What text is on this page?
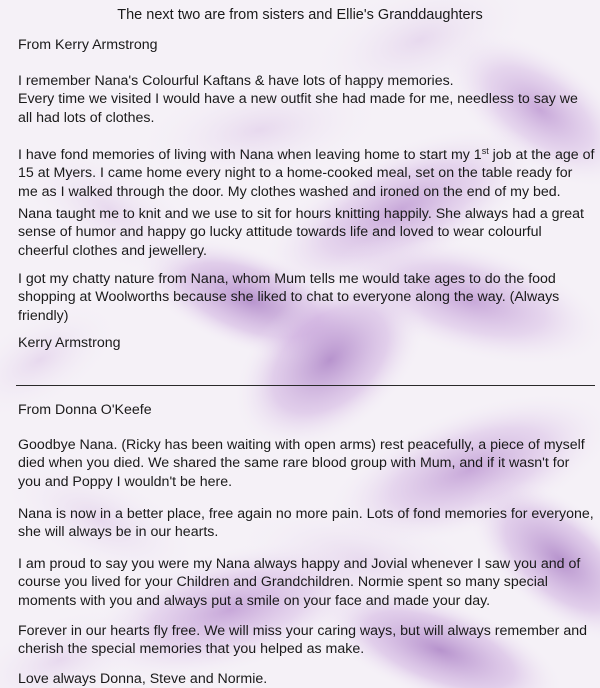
The next two are from sisters and Ellie's Granddaughters

From Kerry Armstrong

I remember Nana's Colourful Kaftans & have lots of happy memories.

Every time we visited I would have a new outfit she had made for me, needless to say we all had lots of clothes.

I have fond memories of living with Nana when leaving home to start my 1st job at the age of 15 at Myers. I came home every night to a home-cooked meal, set on the table ready for me as I walked through the door. My clothes washed and ironed on the end of my bed.

Nana taught me to knit and we use to sit for hours knitting happily. She always had a great sense of humor and happy go lucky attitude towards life and loved to wear colourful cheerful clothes and jewellery.

I got my chatty nature from Nana, whom Mum tells me would take ages to do the food shopping at Woolworths because she liked to chat to everyone along the way. (Always friendly)

Kerry Armstrong

From Donna O'Keefe

Goodbye Nana. (Ricky has been waiting with open arms) rest peacefully, a piece of myself died when you died. We shared the same rare blood group with Mum, and if it wasn't for you and Poppy I wouldn't be here.

Nana is now in a better place, free again no more pain. Lots of fond memories for everyone, she will always be in our hearts.

I am proud to say you were my Nana always happy and Jovial whenever I saw you and of course you lived for your Children and Grandchildren. Normie spent so many special moments with you and always put a smile on your face and made your day.

Forever in our hearts fly free. We will miss your caring ways, but will always remember and cherish the special memories that you helped as make.

Love always Donna, Steve and Normie.
